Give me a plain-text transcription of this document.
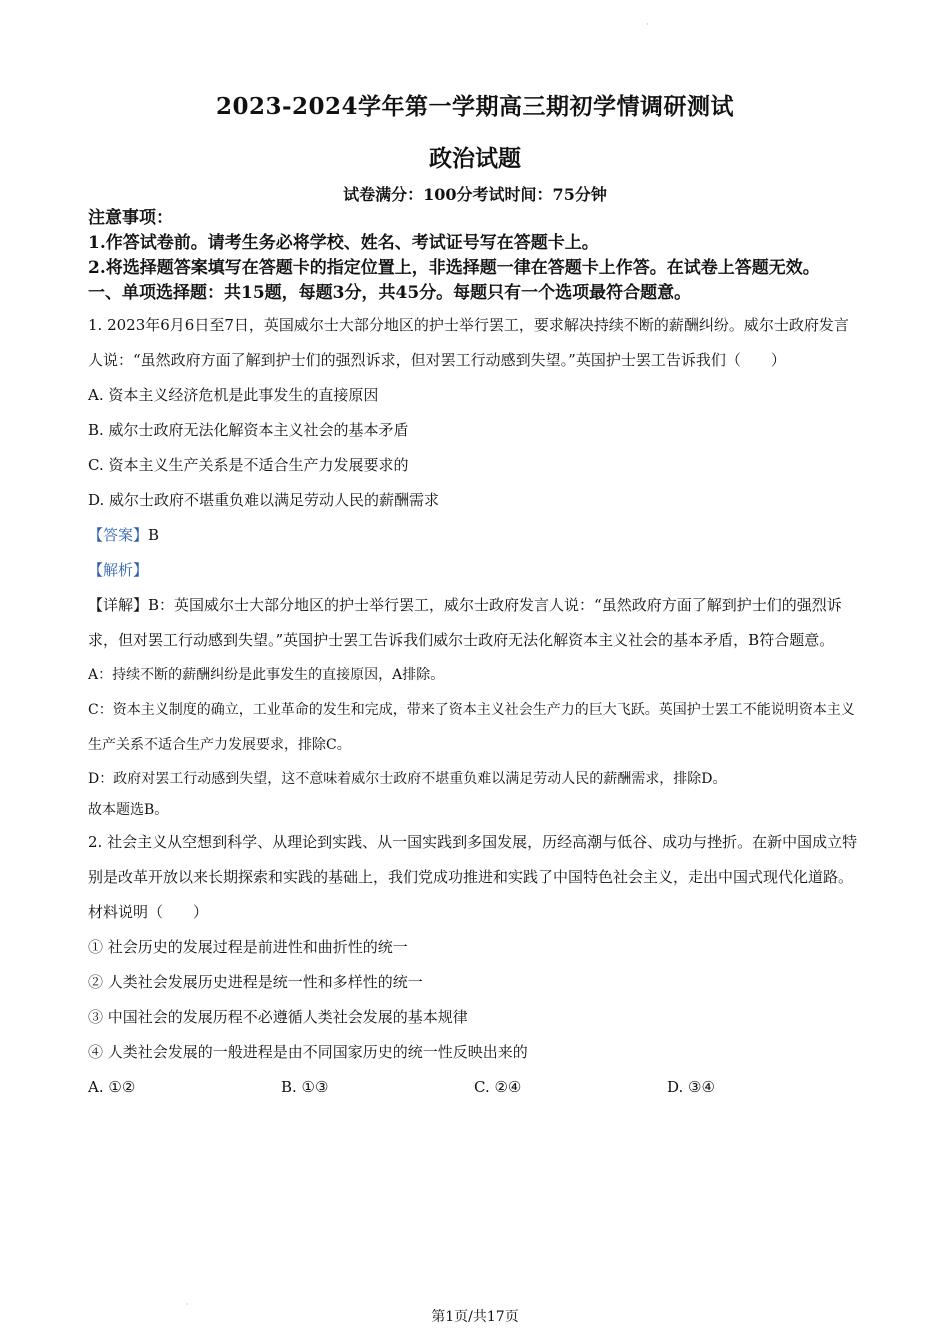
·
·
2023-2024学年第一学期高三期初学情调研测试
政治试题
试卷满分：100分考试时间：75分钟
注意事项：
1.作答试卷前。请考生务必将学校、姓名、考试证号写在答题卡上。
2.将选择题答案填写在答题卡的指定位置上，非选择题一律在答题卡上作答。在试卷上答题无效。
一、单项选择题：共15题，每题3分，共45分。每题只有一个选项最符合题意。
1. 2023年6月6日至7日，英国威尔士大部分地区的护士举行罢工，要求解决持续不断的薪酬纠纷。威尔士政府发言人说：“虽然政府方面了解到护士们的强烈诉求，但对罢工行动感到失望。”英国护士罢工告诉我们（　　）
A. 资本主义经济危机是此事发生的直接原因
B. 威尔士政府无法化解资本主义社会的基本矛盾
C. 资本主义生产关系是不适合生产力发展要求的
D. 威尔士政府不堪重负难以满足劳动人民的薪酬需求
【答案】B
【解析】
【详解】B：英国威尔士大部分地区的护士举行罢工，威尔士政府发言人说：“虽然政府方面了解到护士们的强烈诉求，但对罢工行动感到失望。”英国护士罢工告诉我们威尔士政府无法化解资本主义社会的基本矛盾，B符合题意。
A：持续不断的薪酬纠纷是此事发生的直接原因，A排除。
C：资本主义制度的确立，工业革命的发生和完成，带来了资本主义社会生产力的巨大飞跃。英国护士罢工不能说明资本主义生产关系不适合生产力发展要求，排除C。
D：政府对罢工行动感到失望，这不意味着威尔士政府不堪重负难以满足劳动人民的薪酬需求，排除D。
故本题选B。
2. 社会主义从空想到科学、从理论到实践、从一国实践到多国发展，历经高潮与低谷、成功与挫折。在新中国成立特别是改革开放以来长期探索和实践的基础上，我们党成功推进和实践了中国特色社会主义，走出中国式现代化道路。材料说明（　　）
① 社会历史的发展过程是前进性和曲折性的统一
② 人类社会发展历史进程是统一性和多样性的统一
③ 中国社会的发展历程不必遵循人类社会发展的基本规律
④ 人类社会发展的一般进程是由不同国家历史的统一性反映出来的
A. ①②	B. ①③	C. ②④	D. ③④
第1页/共17页
